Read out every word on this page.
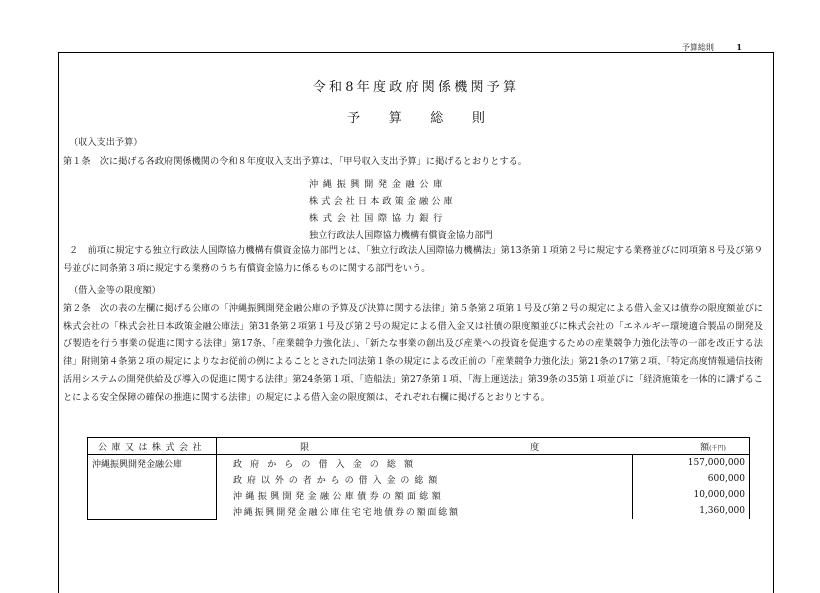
予算総則	1
令和8年度政府関係機関予算
予算総則
（収入支出予算）
第１条　次に掲げる各政府関係機関の令和８年度収入支出予算は、「甲号収入支出予算」に掲げるとおりとする。
沖縄振興開発金融公庫
株式会社日本政策金融公庫
株式会社国際協力銀行
独立行政法人国際協力機構有償資金協力部門
２　前項に規定する独立行政法人国際協力機構有償資金協力部門とは、「独立行政法人国際協力機構法」第13条第１項第２号に規定する業務並びに同項第８号及び第９号並びに同条第３項に規定する業務のうち有償資金協力に係るものに関する部門をいう。
（借入金等の限度額）
第２条　次の表の左欄に掲げる公庫の「沖縄振興開発金融公庫の予算及び決算に関する法律」第５条第２項第１号及び第２号の規定による借入金又は債券の限度額並びに株式会社の「株式会社日本政策金融公庫法」第31条第２項第１号及び第２号の規定による借入金又は社債の限度額並びに株式会社の「エネルギー環境適合製品の開発及び製造を行う事業の促進に関する法律」第17条、「産業競争力強化法」、「新たな事業の創出及び産業への投資を促進するための産業競争力強化法等の一部を改正する法律」附則第４条第２項の規定によりなお従前の例によることとされた同法第１条の規定による改正前の「産業競争力強化法」第21条の17第２項、「特定高度情報通信技術活用システムの開発供給及び導入の促進に関する法律」第24条第１項、「造船法」第27条第１項、「海上運送法」第39条の35第１項並びに「経済施策を一体的に講ずることによる安全保障の確保の推進に関する法律」の規定による借入金の限度額は、それぞれ右欄に掲げるとおりとする。
公庫又は株式会社	限 度 額(千円)	
沖縄振興開発金融公庫	政府からの借入金の総額	157,000,000
	政府以外の者からの借入金の総額	600,000
	沖縄振興開発金融公庫債券の額面総額	10,000,000
	沖縄振興開発金融公庫住宅宅地債券の額面総額	1,360,000
